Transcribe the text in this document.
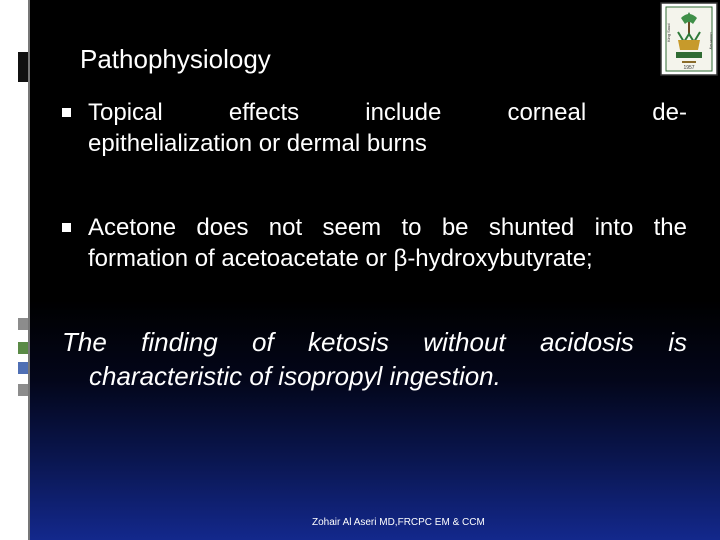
Pathophysiology	1957
King Saud	University
Topical effects include corneal de-
epithelialization or dermal burns
Acetone does not seem to be shunted into the
formation of acetoacetate or β-hydroxybutyrate;
The finding of ketosis without acidosis is
characteristic of isopropyl ingestion.
Zohair Al Aseri MD,FRCPC EM & CCM
